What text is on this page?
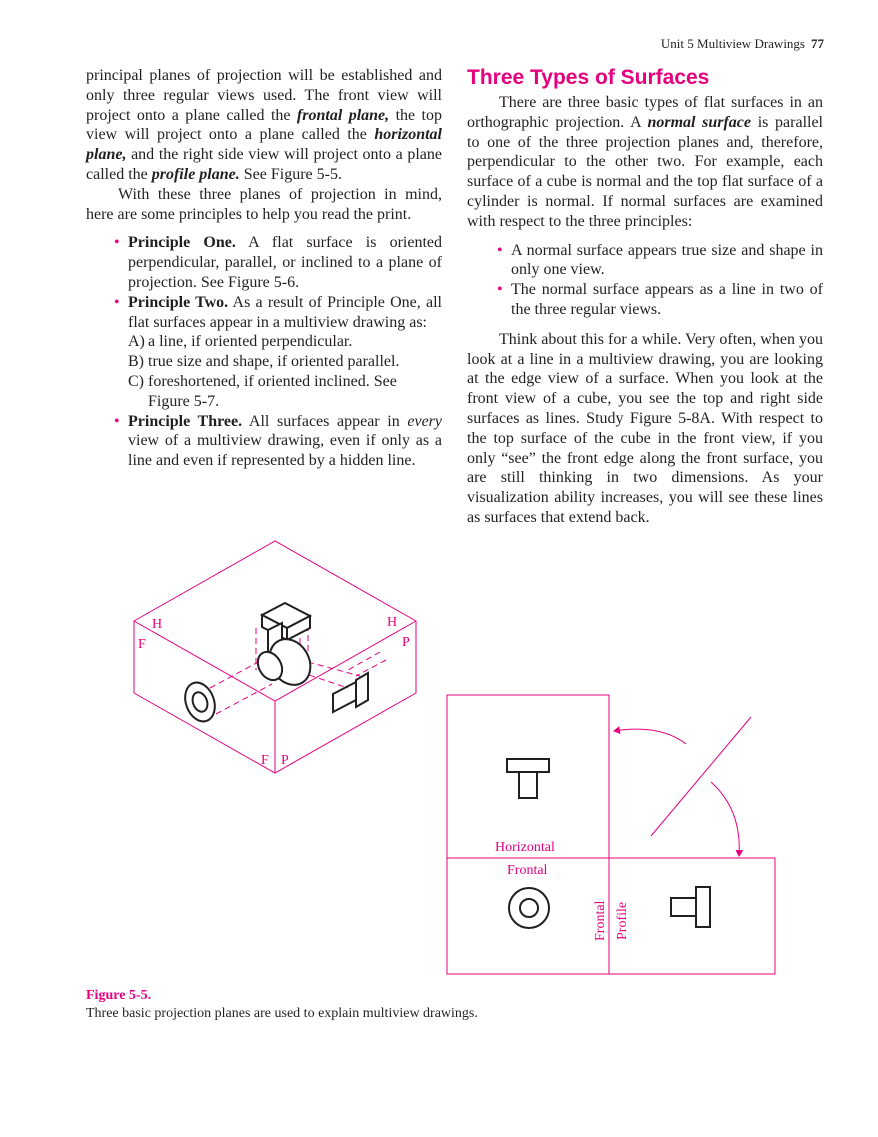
Unit 5 Multiview Drawings 77

principal planes of projection will be established and only three regular views used. The front view will project onto a plane called the frontal plane, the top view will project onto a plane called the horizontal plane, and the right side view will project onto a plane called the profile plane. See Figure 5-5.

With these three planes of projection in mind, here are some principles to help you read the print.

• Principle One. A flat surface is oriented perpendicular, parallel, or inclined to a plane of projection. See Figure 5-6.
• Principle Two. As a result of Principle One, all flat surfaces appear in a multiview drawing as:
A) a line, if oriented perpendicular.
B) true size and shape, if oriented parallel.
C) foreshortened, if oriented inclined. See Figure 5-7.
• Principle Three. All surfaces appear in every view of a multiview drawing, even if only as a line and even if represented by a hidden line.
Three Types of Surfaces

There are three basic types of flat surfaces in an orthographic projection. A normal surface is parallel to one of the three projection planes and, therefore, perpendicular to the other two. For example, each surface of a cube is normal and the top flat surface of a cylinder is normal. If normal surfaces are examined with respect to the three principles:

• A normal surface appears true size and shape in only one view.
• The normal surface appears as a line in two of the three regular views.

Think about this for a while. Very often, when you look at a line in a multiview drawing, you are looking at the edge view of a surface. When you look at the front view of a cube, you see the top and right side surfaces as lines. Study Figure 5-8A. With respect to the top surface of the cube in the front view, if you only “see” the front edge along the front surface, you are still thinking in two dimensions. As your visualization ability increases, you will see these lines as surfaces that extend back.

H
F
H
P
F P
Horizontal
Frontal
Frontal Profile
Figure 5-5.
Three basic projection planes are used to explain multiview drawings.
